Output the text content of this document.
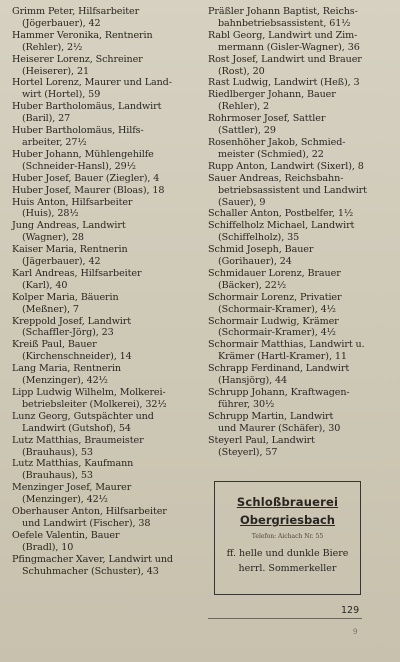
Grimm Peter, Hilfsarbeiter

(Jögerbauer), 42

Hammer Veronika, Rentnerin

(Rehler), 2½

Heiserer Lorenz, Schreiner

(Heiserer), 21

Hortel Lorenz, Maurer und Land-

wirt (Hortel), 59

Huber Bartholomäus, Landwirt

(Baril), 27

Huber Bartholomäus, Hilfs-

arbeiter, 27½

Huber Johann, Mühlengehilfe

(Schneider-Hansl), 29½

Huber Josef, Bauer (Ziegler), 4

Huber Josef, Maurer (Bloas), 18

Huis Anton, Hilfsarbeiter

(Huis), 28½

Jung Andreas, Landwirt

(Wagner), 28

Kaiser Maria, Rentnerin

(Jägerbauer), 42

Karl Andreas, Hilfsarbeiter

(Karl), 40

Kolper Maria, Bäuerin

(Meßner), 7

Kreppold Josef, Landwirt

(Schaffler-Jörg), 23

Kreiß Paul, Bauer

(Kirchenschneider), 14

Lang Maria, Rentnerin

(Menzinger), 42½

Lipp Ludwig Wilhelm, Molkerei-

betriebsleiter (Molkerei), 32½

Lunz Georg, Gutspächter und

Landwirt (Gutshof), 54

Lutz Matthias, Braumeister

(Brauhaus), 53

Lutz Matthias, Kaufmann

(Brauhaus), 53

Menzinger Josef, Maurer

(Menzinger), 42½

Oberhauser Anton, Hilfsarbeiter

und Landwirt (Fischer), 38

Oefele Valentin, Bauer

(Bradl), 10

Pfingmacher Xaver, Landwirt und

Schuhmacher (Schuster), 43

Präßler Johann Baptist, Reichs-

bahnbetriebsassistent, 61½

Rabl Georg, Landwirt und Zim-

mermann (Gisler-Wagner), 36

Rost Josef, Landwirt und Brauer

(Rost), 20

Rast Ludwig, Landwirt (Heß), 3

Riedlberger Johann, Bauer

(Rehler), 2

Rohrmoser Josef, Sattler

(Sattler), 29

Rosenhöher Jakob, Schmied-

meister (Schmied), 22

Rupp Anton, Landwirt (Sixerl), 8

Sauer Andreas, Reichsbahn-

betriebsassistent und Landwirt
(Sauer), 9

Schaller Anton, Postbelfer, 1½

Schiffelholz Michael, Landwirt

(Schiffelholz), 35

Schmid Joseph, Bauer

(Gorihauer), 24

Schmidauer Lorenz, Brauer

(Bäcker), 22½

Schormair Lorenz, Privatier

(Schormair-Kramer), 4½

Schormair Ludwig, Krämer

(Schormair-Kramer), 4½

Schormair Matthias, Landwirt u.

Krämer (Hartl-Kramer), 11

Schrapp Ferdinand, Landwirt

(Hansjörg), 44

Schrupp Johann, Kraftwagen-

führer, 30½

Schrupp Martin, Landwirt

und Maurer (Schäfer), 30

Steyerl Paul, Landwirt

(Steyerl), 57

Schloßbrauerei
Obergriesbach
Telefon: Aichach Nr. 55
ff. helle und dunkle Biere
herrl. Sommerkeller
129
9
